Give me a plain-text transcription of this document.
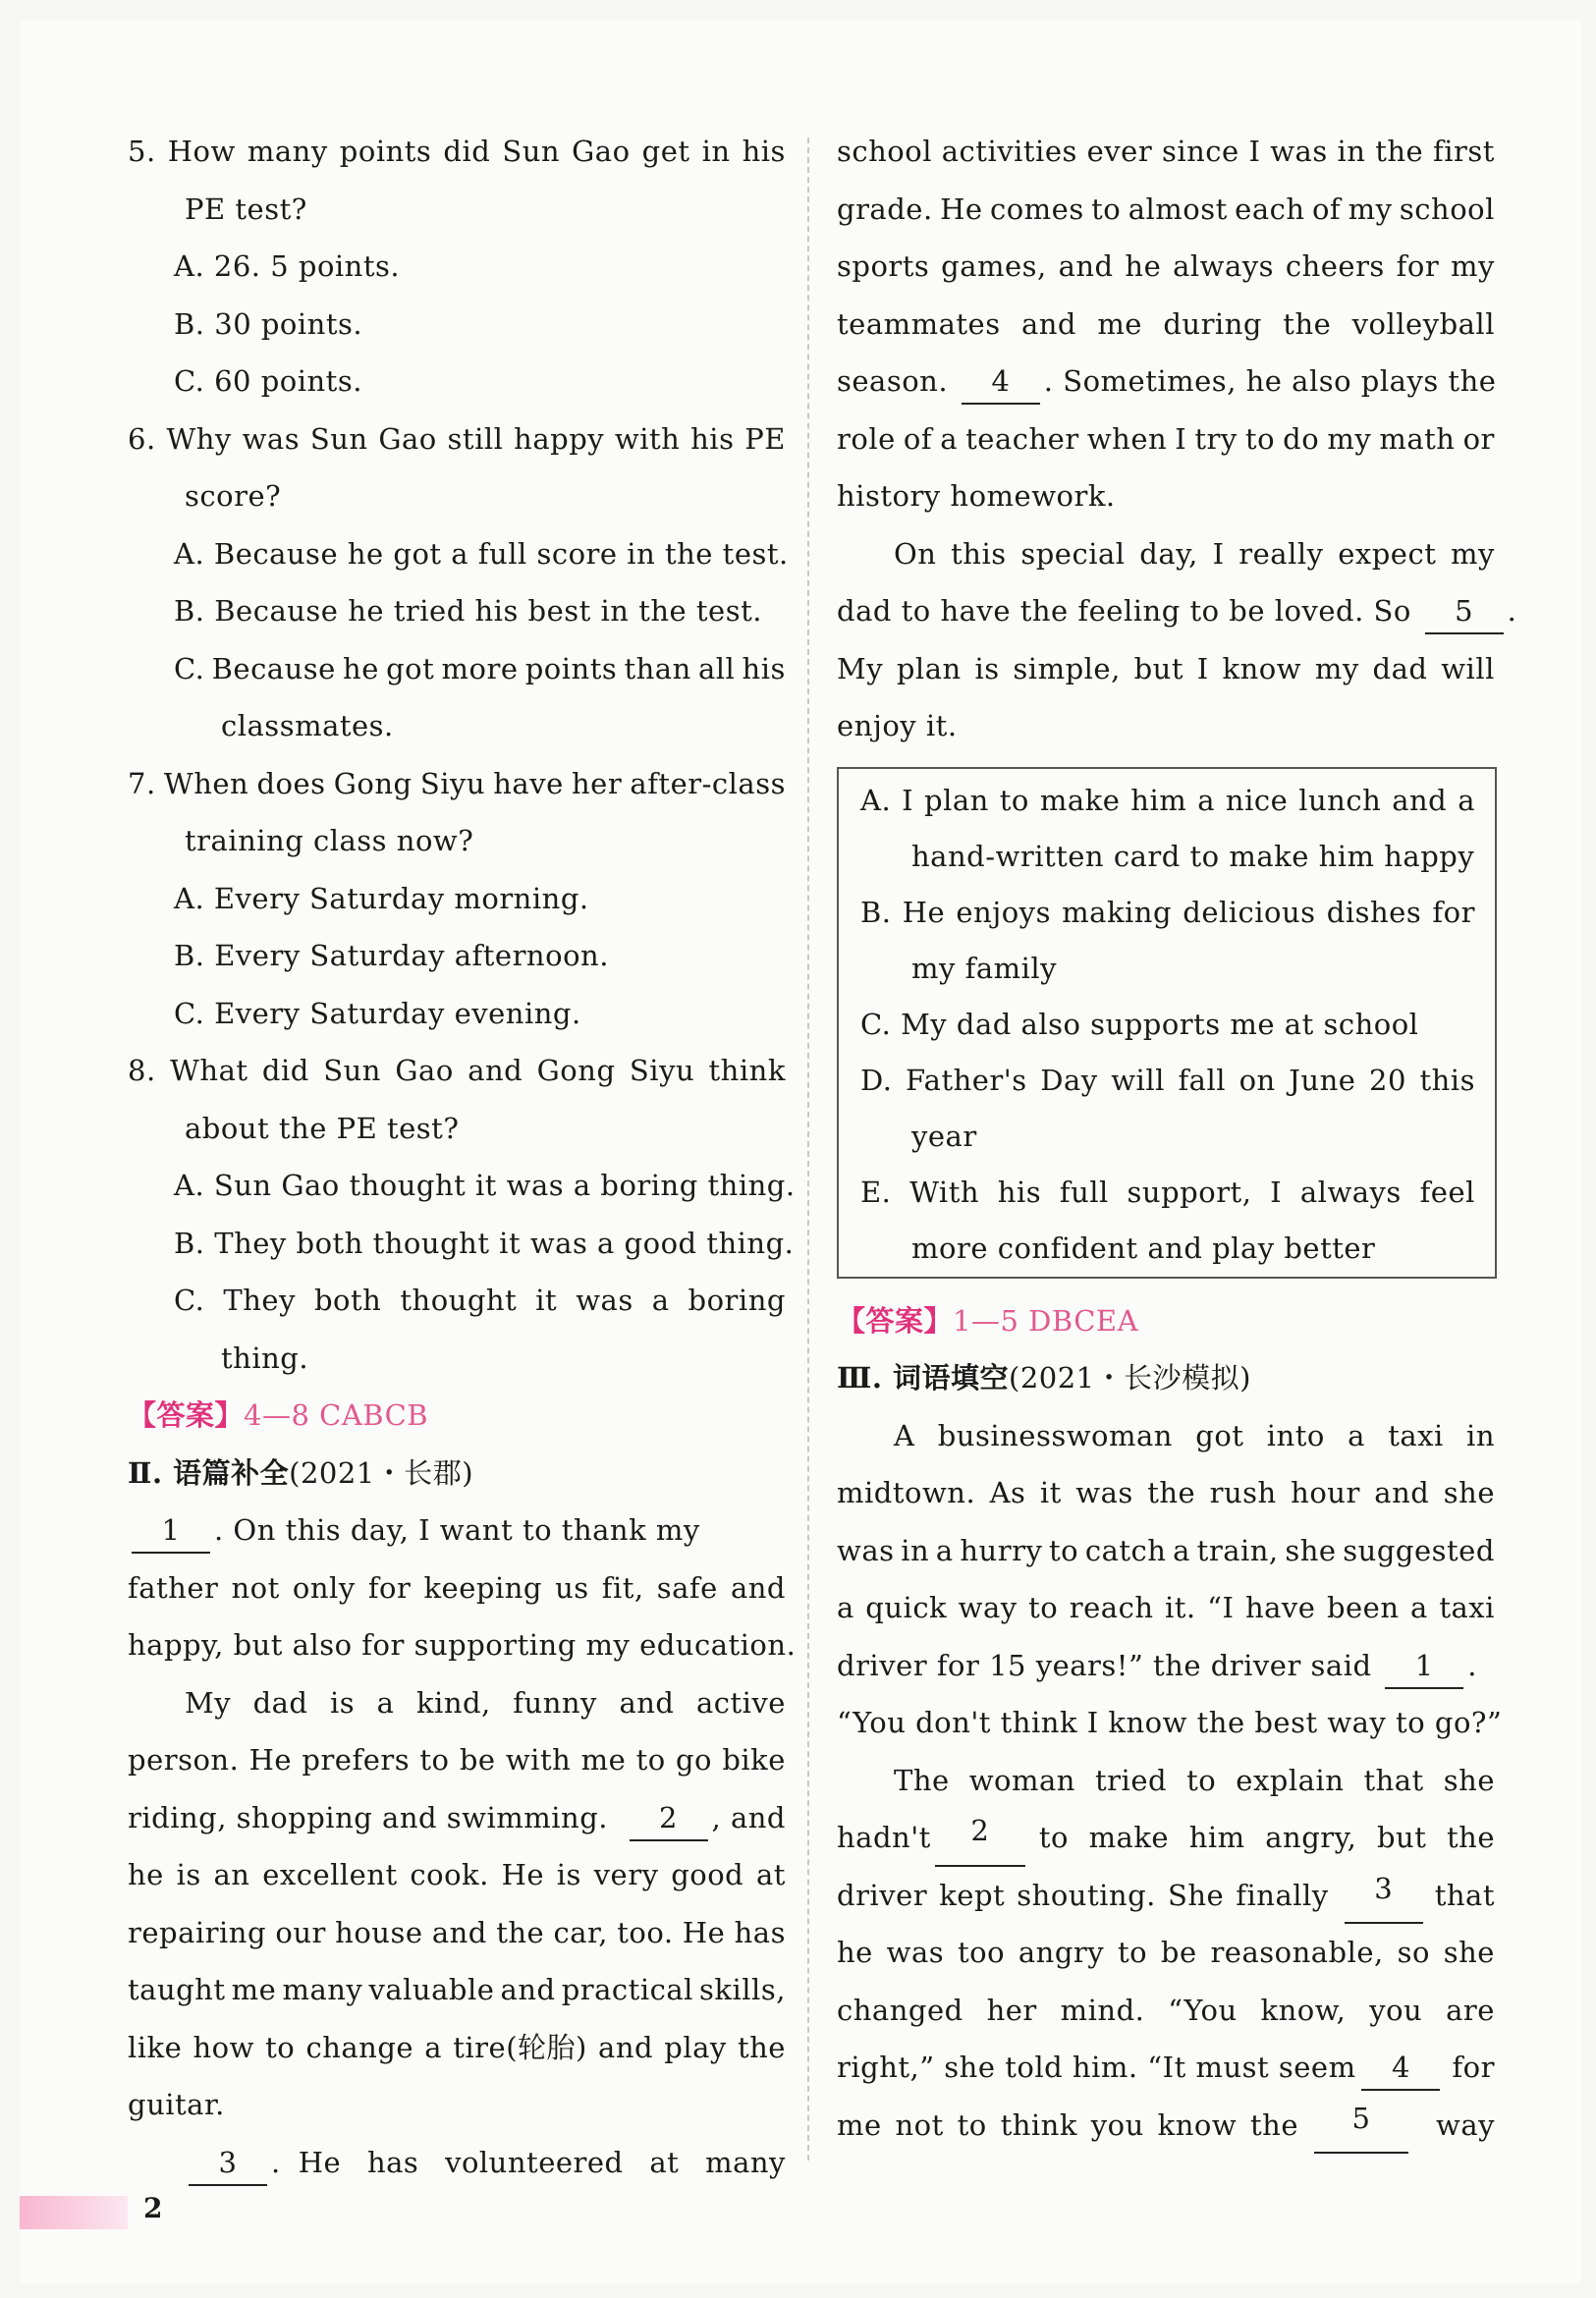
5. How many points did Sun Gao get in his
PE test?
A. 26. 5 points.
B. 30 points.
C. 60 points.
6. Why was Sun Gao still happy with his PE
score?
A. Because he got a full score in the test.
B. Because he tried his best in the test.
C. Because he got more points than all his
classmates.
7. When does Gong Siyu have her after-class
training class now?
A. Every Saturday morning.
B. Every Saturday afternoon.
C. Every Saturday evening.
8. What did Sun Gao and Gong Siyu think
about the PE test?
A. Sun Gao thought it was a boring thing.
B. They both thought it was a good thing.
C. They both thought it was a boring
thing.
【答案】4—8 CABCB
Ⅱ. 语篇补全(2021・长郡)
1 . On this day, I want to thank my
father not only for keeping us fit, safe and
happy, but also for supporting my education.
My dad is a kind, funny and active
person. He prefers to be with me to go bike
riding, shopping and swimming.	2 , and
he is an excellent cook. He is very good at
repairing our house and the car, too. He has
taught me many valuable and practical skills,
like how to change a tire(轮胎) and play the
guitar.
3 . He has volunteered at many
school activities ever since I was in the first
grade. He comes to almost each of my school
sports games, and he always cheers for my
teammates and me during the volleyball
season. 4 . Sometimes, he also plays the
role of a teacher when I try to do my math or
history homework.
On this special day, I really expect my
dad to have the feeling to be loved. So 5
My plan is simple, but I know my dad will
enjoy it.
A. I plan to make him a nice lunch and a
hand-written card to make him happy
B. He enjoys making delicious dishes for
my family
C. My dad also supports me at school
D. Father's Day will fall on June 20 this
year
E. With his full support, I always feel
more confident and play better
【答案】1—5 DBCEA
Ⅲ. 词语填空(2021・长沙模拟)
A businesswoman got into a taxi in
midtown. As it was the rush hour and she
was in a hurry to catch a train, she suggested
a quick way to reach it. “I have been a taxi
driver for 15 years!” the driver said 1 .
“You don't think I know the best way to go?”
The woman tried to explain that she
hadn't	2	to make him angry, but the
driver kept shouting. She finally	3	that
he was too angry to be reasonable, so she
changed her mind. “You know, you are
right,” she told him. “It must seem	4 for
me not to think you know the	5	way
2
